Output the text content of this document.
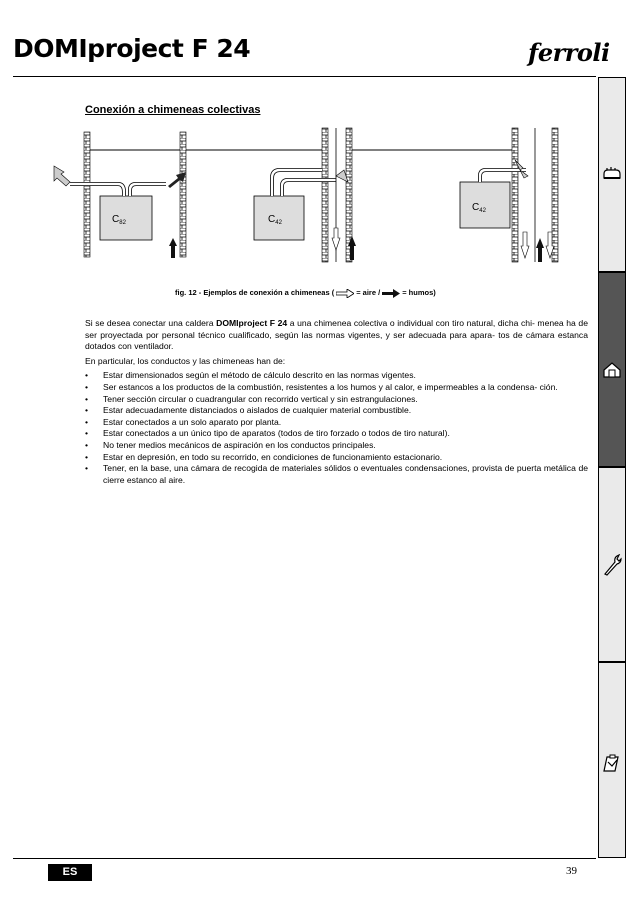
DOMIproject F 24	ferroli
Conexión a chimeneas colectivas
$C_{82}$	$C_{42}$
$C_{42}$
fig. 12 - Ejemplos de conexión a chimeneas (	= aire /	= humos)

Si se desea conectar una caldera DOMIproject F 24 a una chimenea colectiva o individual con tiro natural, dicha chi- menea ha de ser proyectada por personal técnico cualificado, según las normas vigentes, y ser adecuada para apara- tos de cámara estanca dotados con ventilador.

En particular, los conductos y las chimeneas han de:

• Estar dimensionados según el método de cálculo descrito en las normas vigentes.
• Ser estancos a los productos de la combustión, resistentes a los humos y al calor, e impermeables a la condensa- ción.
• Tener sección circular o cuadrangular con recorrido vertical y sin estrangulaciones.
• Estar adecuadamente distanciados o aislados de cualquier material combustible.
• Estar conectados a un solo aparato por planta.
• Estar conectados a un único tipo de aparatos (todos de tiro forzado o todos de tiro natural).
• No tener medios mecánicos de aspiración en los conductos principales.
• Estar en depresión, en todo su recorrido, en condiciones de funcionamiento estacionario.
• Tener, en la base, una cámara de recogida de materiales sólidos o eventuales condensaciones, provista de puerta metálica de cierre estanco al aire.
ES	39
